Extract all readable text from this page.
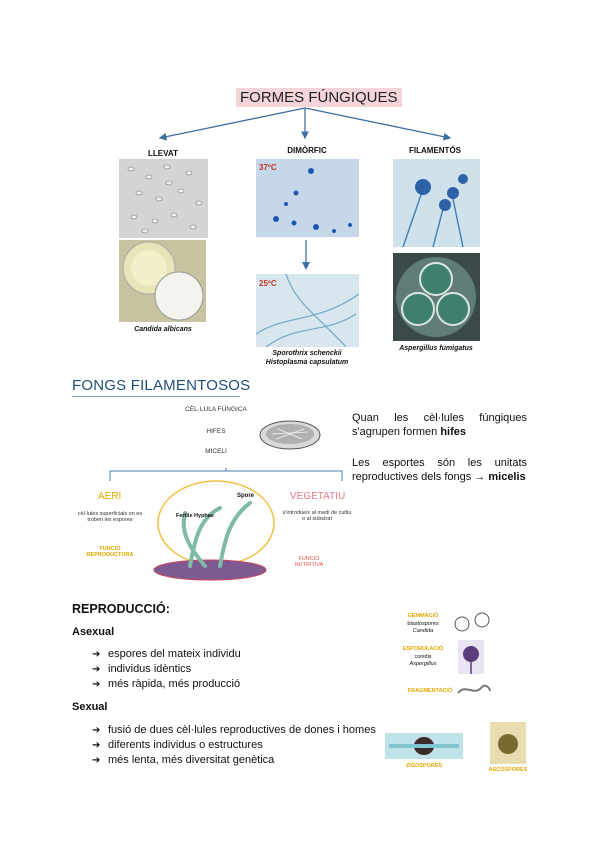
FORMES FÚNGIQUES
LLEVAT	DIMÒRFIC	FILAMENTÓS
Candida albicans
37ºC
25ºC
Sporothrix schenckii
Histoplasma capsulatum
Aspergillus fumigatus
FONGS FILAMENTOSOS
CÈL·LULA FÚNGICA
HIFES
MICELI
Spore
Fertile Hyphae
AERI
cèl·lules superficials on es troben les espores
FUNCIÓ REPRODUCTORA
VEGETATIU
s'introdueix al medi de cultiu o al substrat
FUNCIÓ NUTRITIVA
Quan les cèl·lules fúngiques s'agrupen formen hifes
Les esportes són les unitats reproductives dels fongs → micelis
REPRODUCCIÓ:
Asexual
➔ espores del mateix individu
➔ individus idèntics
➔ més ràpida, més producció
Sexual
➔ fusió de dues cèl·lules reproductives de dones i homes
➔ diferents individus o estructures
➔ més lenta, més diversitat genètica
GEMMACIÓ
blastospores
Candida
ESPORULACIÓ
conidis
Aspergillus
FRAGMENTACIÓ
ZIGOSPORES
ASCOSPORES
